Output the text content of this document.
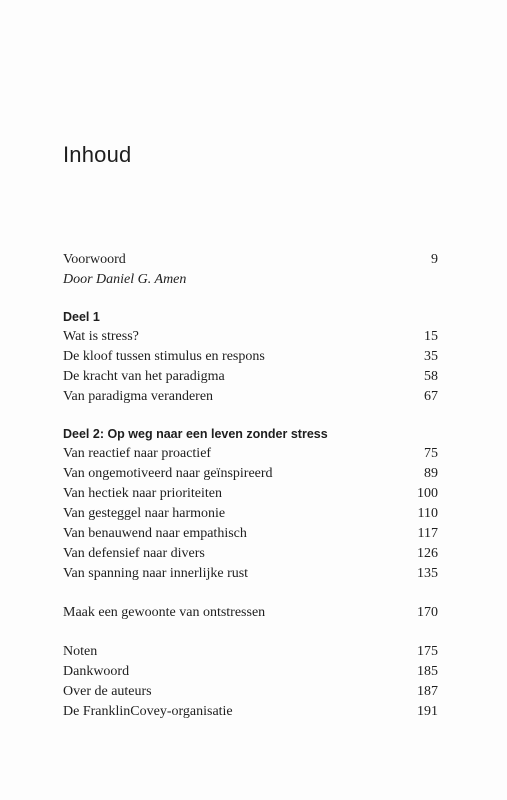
Inhoud
Voorwoord	9
Door Daniel G. Amen
Deel 1
Wat is stress?	15
De kloof tussen stimulus en respons	35
De kracht van het paradigma	58
Van paradigma veranderen	67
Deel 2: Op weg naar een leven zonder stress
Van reactief naar proactief	75
Van ongemotiveerd naar geïnspireerd	89
Van hectiek naar prioriteiten	100
Van gesteggel naar harmonie	110
Van benauwend naar empathisch	117
Van defensief naar divers	126
Van spanning naar innerlijke rust	135
Maak een gewoonte van ontstressen	170
Noten	175
Dankwoord	185
Over de auteurs	187
De FranklinCovey-organisatie	191
